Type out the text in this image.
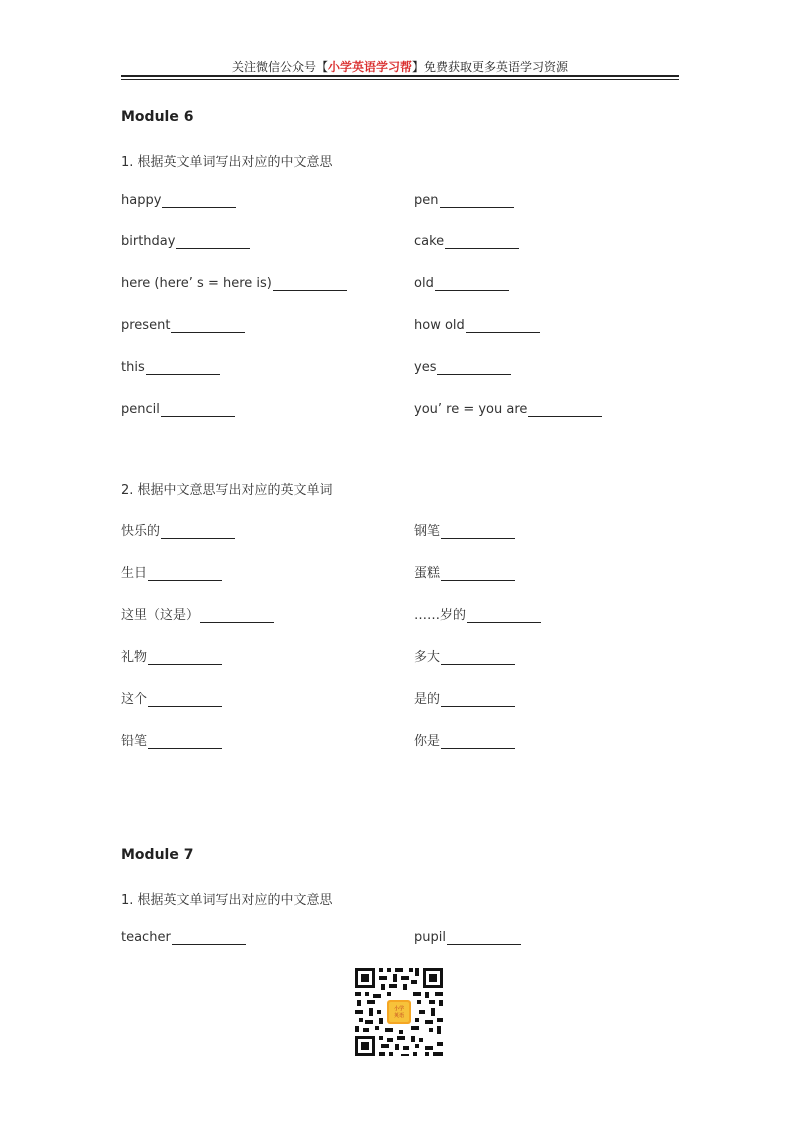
关注微信公众号【小学英语学习帮】免费获取更多英语学习资源
Module 6
1. 根据英文单词写出对应的中文意思
happy	pen
birthday	cake
here (here’ s = here is)	old
present	how old
this	yes
pencil	you’ re = you are
2. 根据中文意思写出对应的英文单词
快乐的	钢笔
生日	蛋糕
这里（这是）	……岁的
礼物	多大
这个	是的
铅笔	你是
Module 7
1. 根据英文单词写出对应的中文意思
teacher	pupil
小学
英语
